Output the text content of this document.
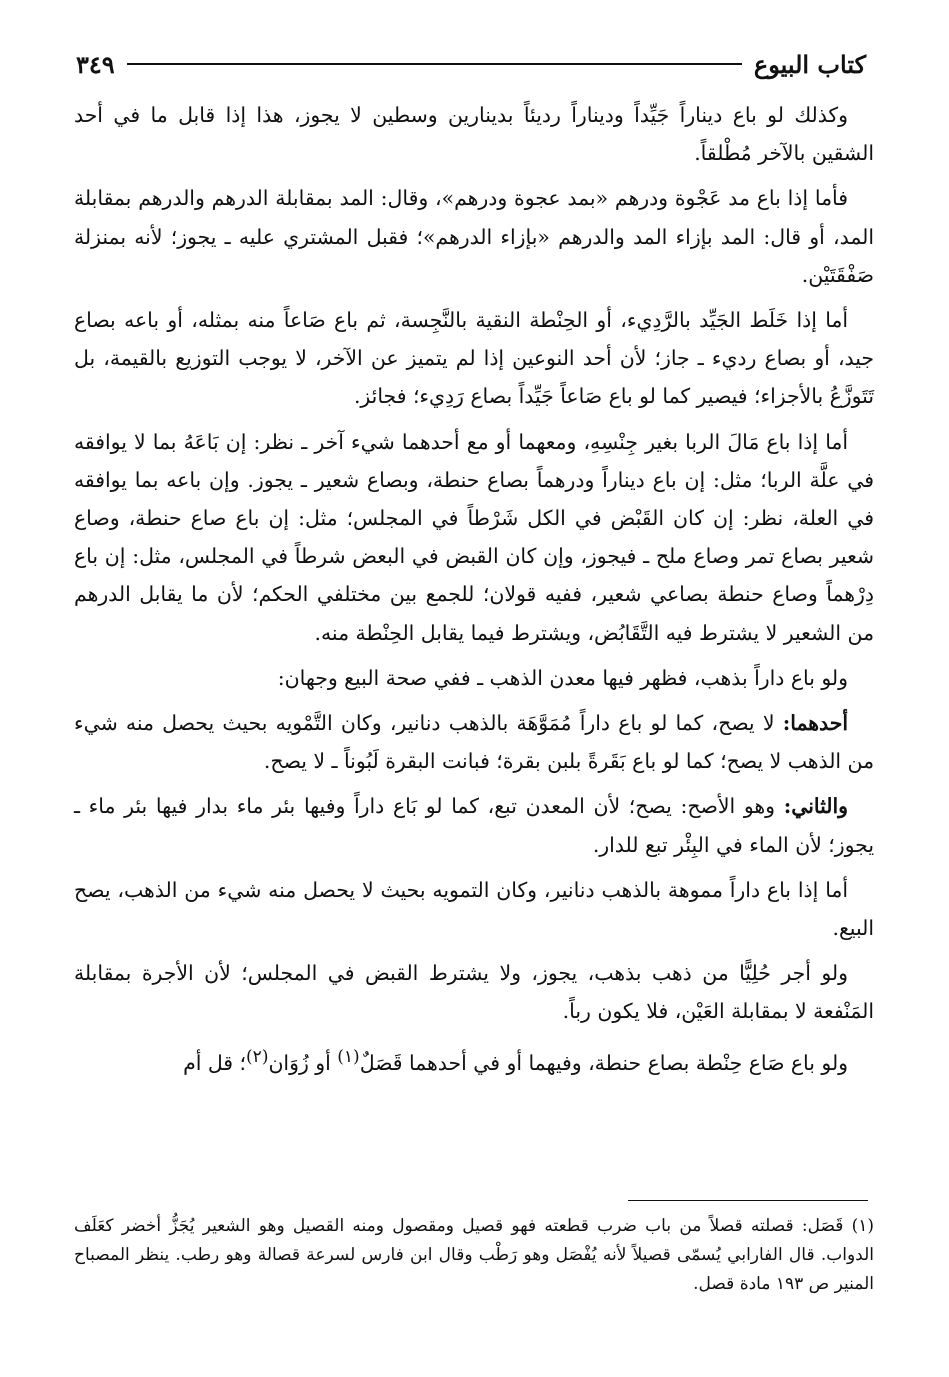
كتاب البيوع
٣٤٩

وكذلك لو باع ديناراً جَيِّداً وديناراً رديئاً بدينارين وسطين لا يجوز، هذا إذا قابل ما في أحد الشقين بالآخر مُطْلقاً.

فأما إذا باع مد عَجْوة ودرهم «بمد عجوة ودرهم»، وقال: المد بمقابلة الدرهم والدرهم بمقابلة المد، أو قال: المد بإزاء المد والدرهم «بإزاء الدرهم»؛ فقبل المشتري عليه ـ يجوز؛ لأنه بمنزلة صَفْقَتَيْن.

أما إذا خَلَط الجَيِّد بالرَّدِيء، أو الحِنْطة النقية بالنَّجِسة، ثم باع صَاعاً منه بمثله، أو باعه بصاع جيد، أو بصاع رديء ـ جاز؛ لأن أحد النوعين إذا لم يتميز عن الآخر، لا يوجب التوزيع بالقيمة، بل تَتَوزَّعُ بالأجزاء؛ فيصير كما لو باع صَاعاً جَيِّداً بصاع رَدِيء؛ فجائز.

أما إذا باع مَالَ الربا بغير جِنْسِهِ، ومعهما أو مع أحدهما شيء آخر ـ نظر: إن بَاعَهُ بما لا يوافقه في علَّة الربا؛ مثل: إن باع ديناراً ودرهماً بصاع حنطة، وبصاع شعير ـ يجوز. وإن باعه بما يوافقه في العلة، نظر: إن كان القَبْض في الكل شَرْطاً في المجلس؛ مثل: إن باع صاع حنطة، وصاع شعير بصاع تمر وصاع ملح ـ فيجوز، وإن كان القبض في البعض شرطاً في المجلس، مثل: إن باع دِرْهماً وصاع حنطة بصاعي شعير، ففيه قولان؛ للجمع بين مختلفي الحكم؛ لأن ما يقابل الدرهم من الشعير لا يشترط فيه التَّقَابُض، ويشترط فيما يقابل الحِنْطة منه.

ولو باع داراً بذهب، فظهر فيها معدن الذهب ـ ففي صحة البيع وجهان:

أحدهما: لا يصح، كما لو باع داراً مُمَوَّهَة بالذهب دنانير، وكان التَّمْويه بحيث يحصل منه شيء من الذهب لا يصح؛ كما لو باع بَقَرةً بلبن بقرة؛ فبانت البقرة لَبُوناً ـ لا يصح.

والثاني: وهو الأصح: يصح؛ لأن المعدن تبع، كما لو بَاع داراً وفيها بئر ماء بدار فيها بئر ماء ـ يجوز؛ لأن الماء في البِئْر تبع للدار.

أما إذا باع داراً مموهة بالذهب دنانير، وكان التمويه بحيث لا يحصل منه شيء من الذهب، يصح البيع.

ولو أجر حُلِيًّا من ذهب بذهب، يجوز، ولا يشترط القبض في المجلس؛ لأن الأجرة بمقابلة المَنْفعة لا بمقابلة العَيْن، فلا يكون رباً.

ولو باع صَاع حِنْطة بصاع حنطة، وفيهما أو في أحدهما قَصَلٌ$^{(١)}$ أو زُوَان$^{(٢)}$؛ قل أم

(١) قَصَل: قصلته قصلاً من باب ضرب قطعته فهو قصيل ومقصول ومنه القصيل وهو الشعير يُجَزُّ أخضر كعَلَف الدواب. قال الفارابي يُسمّى قصيلاً لأنه يُفْصَل وهو رَطْب وقال ابن فارس لسرعة قصالة وهو رطب. ينظر المصباح المنير ص ١٩٣ مادة قصل.
